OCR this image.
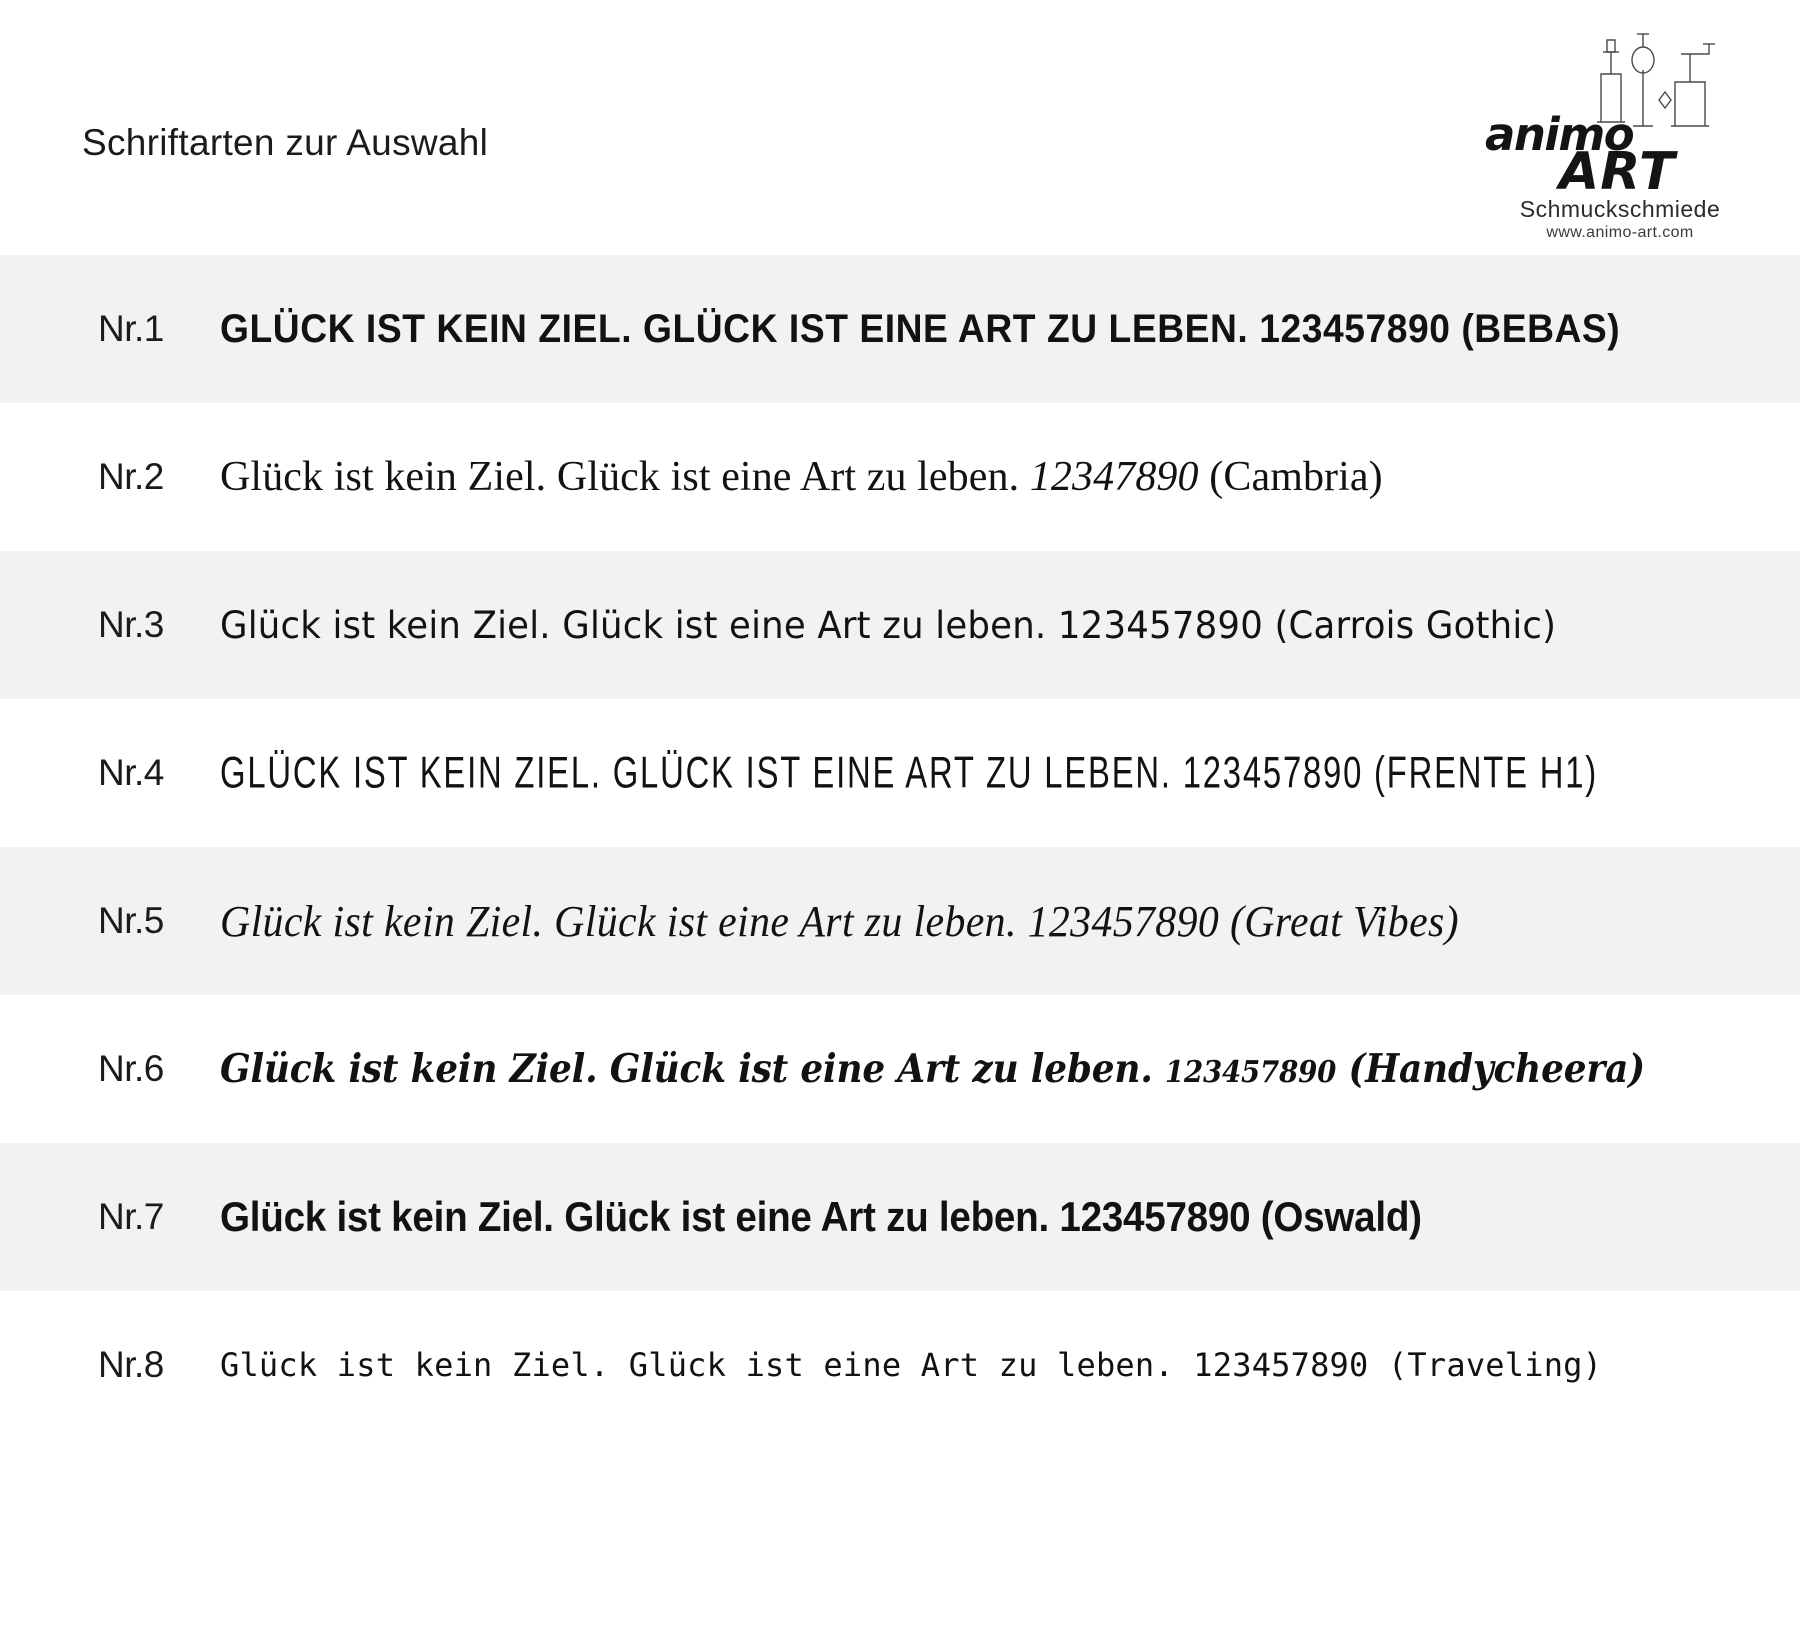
Schriftarten zur Auswahl	animo
ART
Schmuckschmiede
www.animo-art.com
Nr.1	GLÜCK IST KEIN ZIEL. GLÜCK IST EINE ART ZU LEBEN. 123457890 (BEBAS)
Nr.2	Glück ist kein Ziel. Glück ist eine Art zu leben. 12347890 (Cambria)
Nr.3	Glück ist kein Ziel. Glück ist eine Art zu leben. 123457890 (Carrois Gothic)
Nr.4	GLÜCK IST KEIN ZIEL. GLÜCK IST EINE ART ZU LEBEN. 123457890 (FRENTE H1)
Nr.5	Glück ist kein Ziel. Glück ist eine Art zu leben. 123457890 (Great Vibes)
Nr.6	Glück ist kein Ziel. Glück ist eine Art zu leben. 123457890 (Handycheera)
Nr.7	Glück ist kein Ziel. Glück ist eine Art zu leben. 123457890 (Oswald)
Nr.8	Glück ist kein Ziel. Glück ist eine Art zu leben. 123457890 (Traveling)
